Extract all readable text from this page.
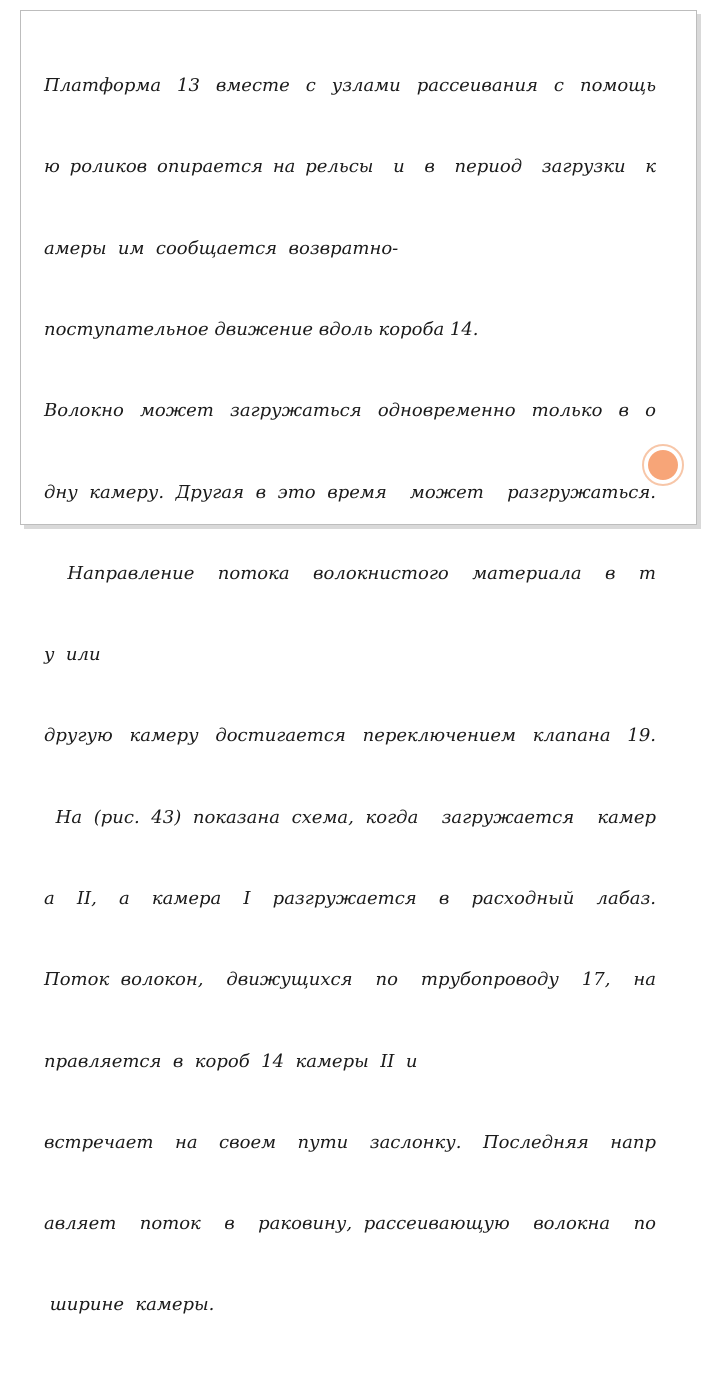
Платформа 13 вместе с узлами рассеивания с помощь

ю роликов опирается на рельсы  и  в  период  загрузки  к

амеры  им  сообщается  возвратно-

поступательное движение вдоль короба 14.

Волокно может загружаться одновременно только в о

дну камеру. Другая в это время  может  разгружаться.

Направление  потока  волокнистого  материала  в  т

у  или

другую камеру достигается переключением клапана 19.

На (рис. 43) показана схема, когда  загружается  камер

а  II,  а  камера  I  разгружается  в  расходный  лабаз.

Поток волокон,  движущихся  по  трубопроводу  17,  на

правляется  в  короб  14  камеры  II  и

встречает  на  своем  пути  заслонку.  Последняя  напр

авляет  поток  в  раковину, рассеивающую  волокна  по

ширине  камеры.
